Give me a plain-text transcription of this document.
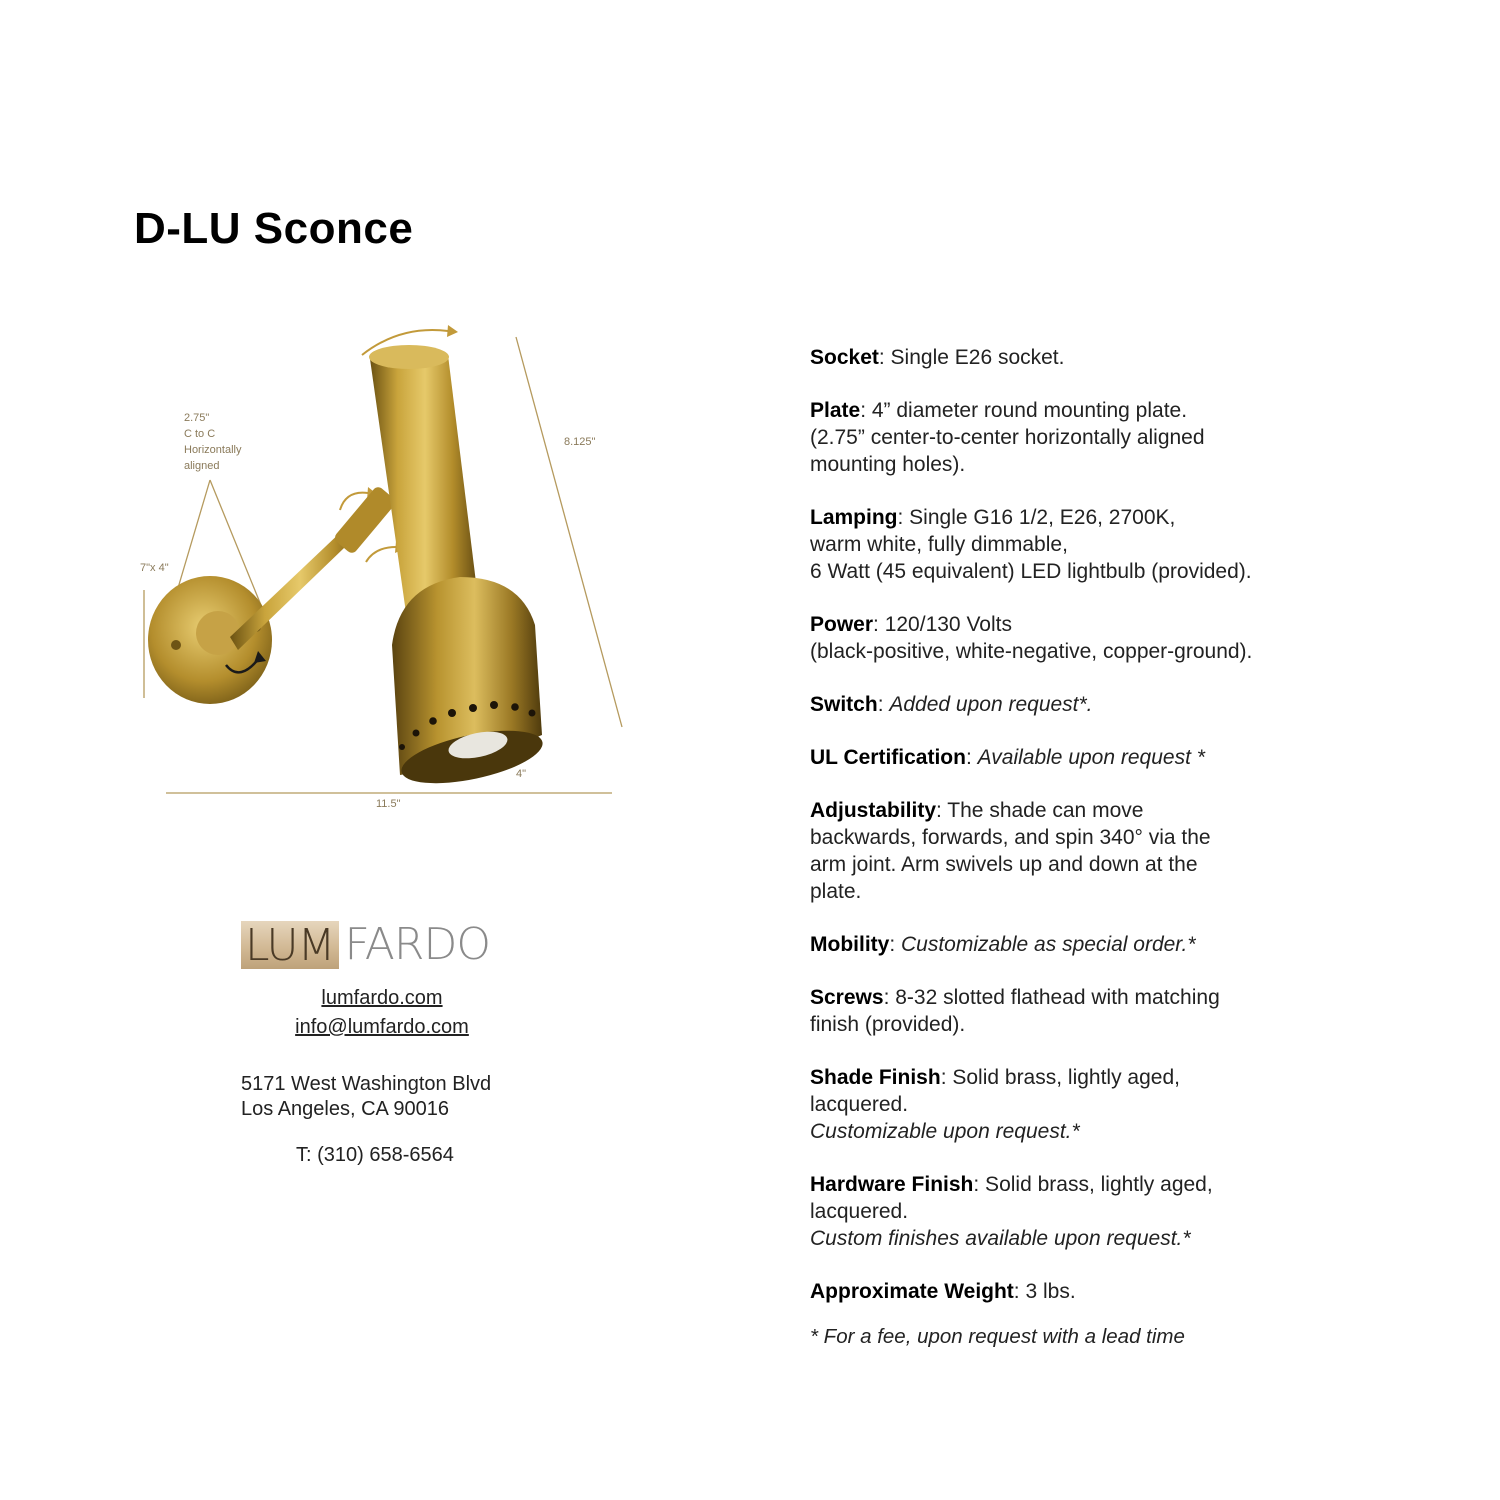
D-LU Sconce
2.75"
C to C
Horizontally
aligned
8.125"
7"x 4"
4"
11.5"
LUM FARDO
lumfardo.com
info@lumfardo.com
5171 West Washington Blvd
Los Angeles, CA 90016
T: (310) 658-6564
Socket: Single E26 socket.
Plate: 4” diameter round mounting plate.
(2.75” center-to-center horizontally aligned
mounting holes).
Lamping: Single G16 1/2, E26, 2700K,
warm white, fully dimmable,
6 Watt (45 equivalent) LED lightbulb (provided).
Power: 120/130 Volts
(black-positive, white-negative, copper-ground).
Switch: Added upon request*.
UL Certification: Available upon request *
Adjustability: The shade can move
backwards, forwards, and spin 340° via the
arm joint. Arm swivels up and down at the
plate.
Mobility: Customizable as special order.*
Screws: 8-32 slotted flathead with matching
finish (provided).
Shade Finish: Solid brass, lightly aged,
lacquered.
Customizable upon request.*
Hardware Finish: Solid brass, lightly aged,
lacquered.
Custom finishes available upon request.*
Approximate Weight: 3 lbs.
* For a fee, upon request with a lead time
